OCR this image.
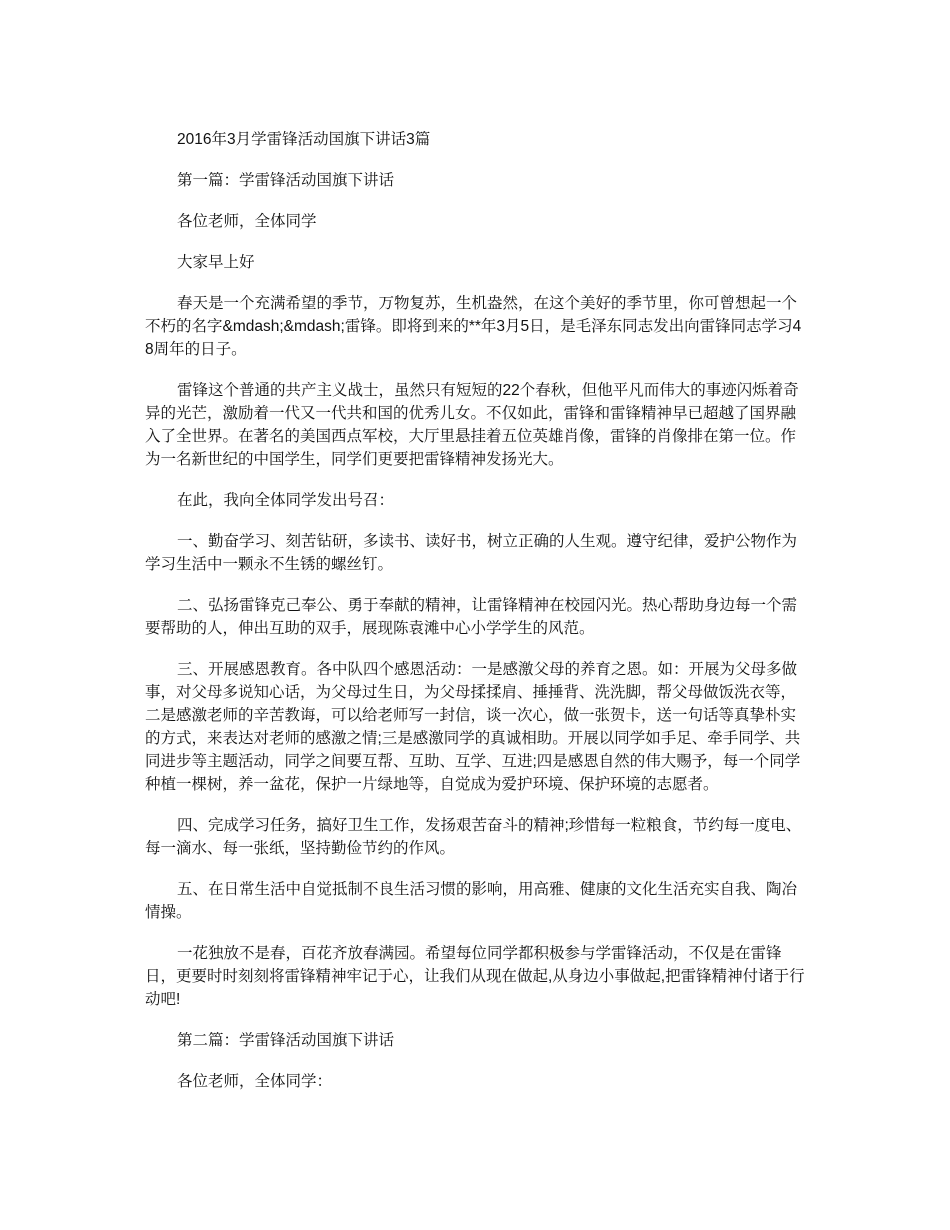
2016年3月学雷锋活动国旗下讲话3篇

第一篇：学雷锋活动国旗下讲话

各位老师，全体同学

大家早上好

春天是一个充满希望的季节，万物复苏，生机盎然，在这个美好的季节里，你可曾想起一个不朽的名字&mdash;&mdash;雷锋。即将到来的**年3月5日，是毛泽东同志发出向雷锋同志学习48周年的日子。

雷锋这个普通的共产主义战士，虽然只有短短的22个春秋，但他平凡而伟大的事迹闪烁着奇异的光芒，激励着一代又一代共和国的优秀儿女。不仅如此，雷锋和雷锋精神早已超越了国界融入了全世界。在著名的美国西点军校，大厅里悬挂着五位英雄肖像，雷锋的肖像排在第一位。作为一名新世纪的中国学生，同学们更要把雷锋精神发扬光大。

在此，我向全体同学发出号召：

一、勤奋学习、刻苦钻研，多读书、读好书，树立正确的人生观。遵守纪律，爱护公物作为学习生活中一颗永不生锈的螺丝钉。

二、弘扬雷锋克己奉公、勇于奉献的精神，让雷锋精神在校园闪光。热心帮助身边每一个需要帮助的人，伸出互助的双手，展现陈袁滩中心小学学生的风范。

三、开展感恩教育。各中队四个感恩活动：一是感激父母的养育之恩。如：开展为父母多做事，对父母多说知心话，为父母过生日，为父母揉揉肩、捶捶背、洗洗脚，帮父母做饭洗衣等，二是感激老师的辛苦教诲，可以给老师写一封信，谈一次心，做一张贺卡，送一句话等真挚朴实的方式，来表达对老师的感激之情;三是感激同学的真诚相助。开展以同学如手足、牵手同学、共同进步等主题活动，同学之间要互帮、互助、互学、互进;四是感恩自然的伟大赐予，每一个同学种植一棵树，养一盆花，保护一片绿地等，自觉成为爱护环境、保护环境的志愿者。

四、完成学习任务，搞好卫生工作，发扬艰苦奋斗的精神;珍惜每一粒粮食，节约每一度电、每一滴水、每一张纸，坚持勤俭节约的作风。

五、在日常生活中自觉抵制不良生活习惯的影响，用高雅、健康的文化生活充实自我、陶冶情操。

一花独放不是春，百花齐放春满园。希望每位同学都积极参与学雷锋活动，不仅是在雷锋日，更要时时刻刻将雷锋精神牢记于心，让我们从现在做起,从身边小事做起,把雷锋精神付诸于行动吧!

第二篇：学雷锋活动国旗下讲话

各位老师，全体同学：
